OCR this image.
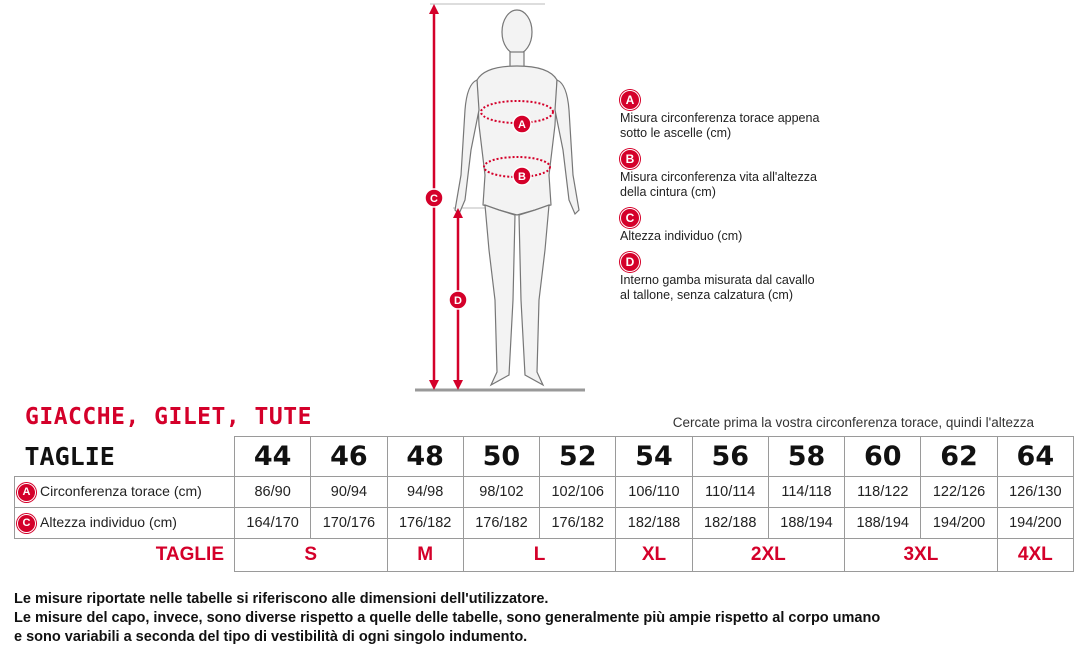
A
B
C
D
A
Misura circonferenza torace appena sotto le ascelle (cm)
B
Misura circonferenza vita all'altezza della cintura (cm)
C
Altezza individuo (cm)
D
Interno gamba misurata dal cavallo al tallone, senza calzatura (cm)
GIACCHE, GILET, TUTE	Cercate prima la vostra circonferenza torace, quindi l'altezza
TAGLIE	44	46	48	50	52	54	56	58	60	62	64
A Circonferenza torace (cm)	86/90	90/94	94/98	98/102	102/106	106/110	110/114	114/118	118/122	122/126	126/130
C Altezza individuo (cm)	164/170	170/176	176/182	176/182	176/182	182/188	182/188	188/194	188/194	194/200	194/200
TAGLIE	S		M	L		XL	2XL		3XL		4XL
Le misure riportate nelle tabelle si riferiscono alle dimensioni dell'utilizzatore.
Le misure del capo, invece, sono diverse rispetto a quelle delle tabelle, sono generalmente più ampie rispetto al corpo umano
e sono variabili a seconda del tipo di vestibilità di ogni singolo indumento.
